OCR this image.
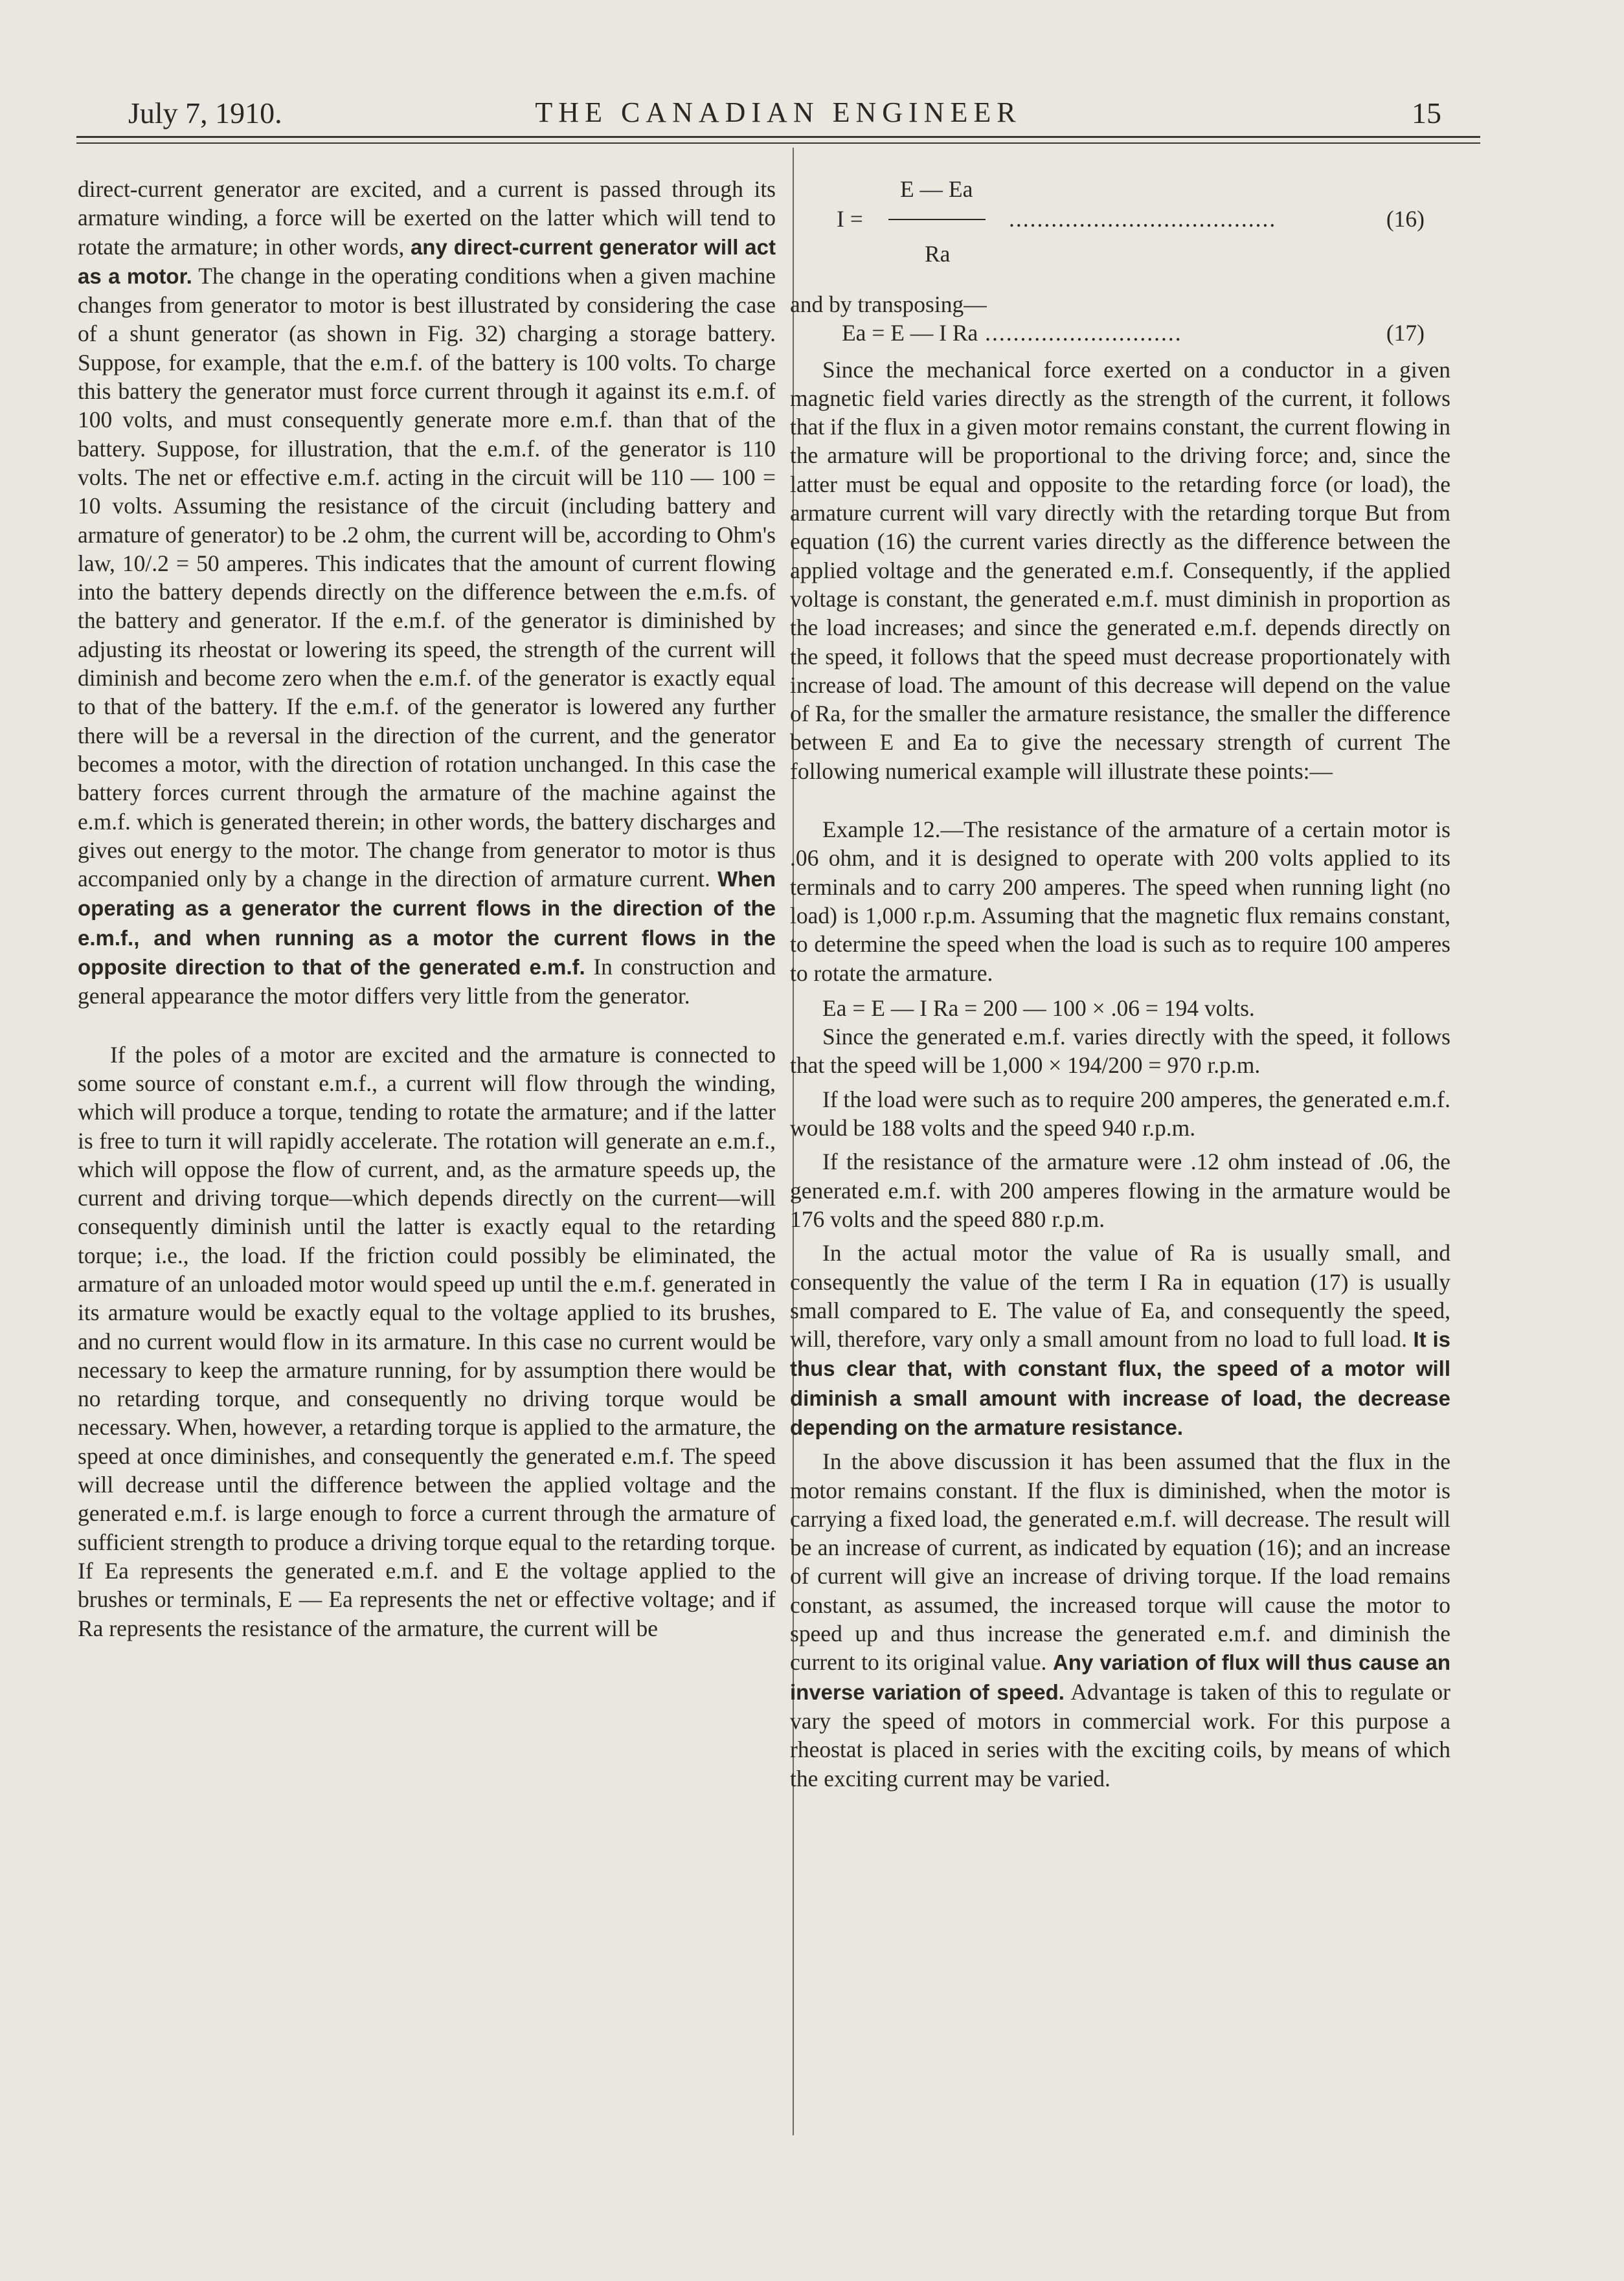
July 7, 1910.	THE CANADIAN ENGINEER	15

direct-current generator are excited, and a current is passed through its armature winding, a force will be exerted on the latter which will tend to rotate the armature; in other words, any direct-current generator will act as a motor. The change in the operating conditions when a given machine changes from generator to motor is best illustrated by considering the case of a shunt generator (as shown in Fig. 32) charging a storage battery. Suppose, for example, that the e.m.f. of the battery is 100 volts. To charge this battery the generator must force current through it against its e.m.f. of 100 volts, and must consequently generate more e.m.f. than that of the battery. Suppose, for illustration, that the e.m.f. of the generator is 110 volts. The net or effective e.m.f. acting in the circuit will be 110 — 100 = 10 volts. Assuming the resistance of the circuit (including battery and armature of generator) to be .2 ohm, the current will be, according to Ohm's law, 10/.2 = 50 amperes. This indicates that the amount of current flowing into the battery depends directly on the difference between the e.m.fs. of the battery and generator. If the e.m.f. of the generator is diminished by adjusting its rheostat or lowering its speed, the strength of the current will diminish and become zero when the e.m.f. of the generator is exactly equal to that of the battery. If the e.m.f. of the generator is lowered any further there will be a reversal in the direction of the current, and the generator becomes a motor, with the direction of rotation unchanged. In this case the battery forces current through the armature of the machine against the e.m.f. which is generated therein; in other words, the battery discharges and gives out energy to the motor. The change from generator to motor is thus accompanied only by a change in the direction of armature current. When operating as a generator the current flows in the direction of the e.m.f., and when running as a motor the current flows in the opposite direction to that of the generated e.m.f. In construction and general appearance the motor differs very little from the generator.

If the poles of a motor are excited and the armature is connected to some source of constant e.m.f., a current will flow through the winding, which will produce a torque, tending to rotate the armature; and if the latter is free to turn it will rapidly accelerate. The rotation will generate an e.m.f., which will oppose the flow of current, and, as the armature speeds up, the current and driving torque—which depends directly on the current—will consequently diminish until the latter is exactly equal to the retarding torque; i.e., the load. If the friction could possibly be eliminated, the armature of an unloaded motor would speed up until the e.m.f. generated in its armature would be exactly equal to the voltage applied to its brushes, and no current would flow in its armature. In this case no current would be necessary to keep the armature running, for by assumption there would be no retarding torque, and consequently no driving torque would be necessary. When, however, a retarding torque is applied to the armature, the speed at once diminishes, and consequently the generated e.m.f. The speed will decrease until the difference between the applied voltage and the generated e.m.f. is large enough to force a current through the armature of sufficient strength to produce a driving torque equal to the retarding torque. If Ea represents the generated e.m.f. and E the voltage applied to the brushes or terminals, E — Ea represents the net or effective voltage; and if Ra represents the resistance of the armature, the current will be

E — Ea
I =	......................................	(16)
Ra

and by transposing—

Ea = E — I Ra ............................	(17)

Since the mechanical force exerted on a conductor in a given magnetic field varies directly as the strength of the current, it follows that if the flux in a given motor remains constant, the current flowing in the armature will be proportional to the driving force; and, since the latter must be equal and opposite to the retarding force (or load), the armature current will vary directly with the retarding torque But from equation (16) the current varies directly as the difference between the applied voltage and the generated e.m.f. Consequently, if the applied voltage is constant, the generated e.m.f. must diminish in proportion as the load increases; and since the generated e.m.f. depends directly on the speed, it follows that the speed must decrease proportionately with increase of load. The amount of this decrease will depend on the value of Ra, for the smaller the armature resistance, the smaller the difference between E and Ea to give the necessary strength of current The following numerical example will illustrate these points:—

Example 12.—The resistance of the armature of a certain motor is .06 ohm, and it is designed to operate with 200 volts applied to its terminals and to carry 200 amperes. The speed when running light (no load) is 1,000 r.p.m. Assuming that the magnetic flux remains constant, to determine the speed when the load is such as to require 100 amperes to rotate the armature.

Ea = E — I Ra = 200 — 100 × .06 = 194 volts.

Since the generated e.m.f. varies directly with the speed, it follows that the speed will be 1,000 × 194/200 = 970 r.p.m.

If the load were such as to require 200 amperes, the generated e.m.f. would be 188 volts and the speed 940 r.p.m.

If the resistance of the armature were .12 ohm instead of .06, the generated e.m.f. with 200 amperes flowing in the armature would be 176 volts and the speed 880 r.p.m.

In the actual motor the value of Ra is usually small, and consequently the value of the term I Ra in equation (17) is usually small compared to E. The value of Ea, and consequently the speed, will, therefore, vary only a small amount from no load to full load. It is thus clear that, with constant flux, the speed of a motor will diminish a small amount with increase of load, the decrease depending on the armature resistance.

In the above discussion it has been assumed that the flux in the motor remains constant. If the flux is diminished, when the motor is carrying a fixed load, the generated e.m.f. will decrease. The result will be an increase of current, as indicated by equation (16); and an increase of current will give an increase of driving torque. If the load remains constant, as assumed, the increased torque will cause the motor to speed up and thus increase the generated e.m.f. and diminish the current to its original value. Any variation of flux will thus cause an inverse variation of speed. Advantage is taken of this to regulate or vary the speed of motors in commercial work. For this purpose a rheostat is placed in series with the exciting coils, by means of which the exciting current may be varied.
